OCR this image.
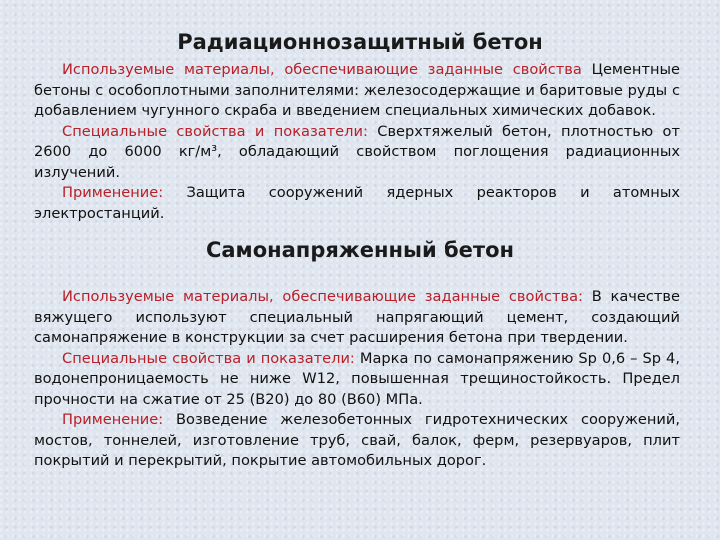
Радиационнозащитный бетон

Используемые материалы, обеспечивающие заданные свойства Цементные бетоны с особоплотными заполнителями: железосодержащие и баритовые руды с добавлением чугунного скраба и введением специальных химических добавок.

Специальные свойства и показатели: Сверхтяжелый бетон, плотностью от 2600 до 6000 кг/м³, обладающий свойством поглощения радиационных излучений.

Применение: Защита сооружений ядерных реакторов и атомных электростанций.

Самонапряженный бетон

Используемые материалы, обеспечивающие заданные свойства: В качестве вяжущего используют специальный напрягающий цемент, создающий самонапряжение в конструкции за счет расширения бетона при твердении.

Специальные свойства и показатели: Марка по самонапряжению Sp 0,6 – Sp 4, водонепроницаемость не ниже W12, повышенная трещиностойкость. Предел прочности на сжатие от 25 (В20) до 80 (В60) МПа.

Применение: Возведение железобетонных гидротехнических сооружений, мостов, тоннелей, изготовление труб, свай, балок, ферм, резервуаров, плит покрытий и перекрытий, покрытие автомобильных дорог.
